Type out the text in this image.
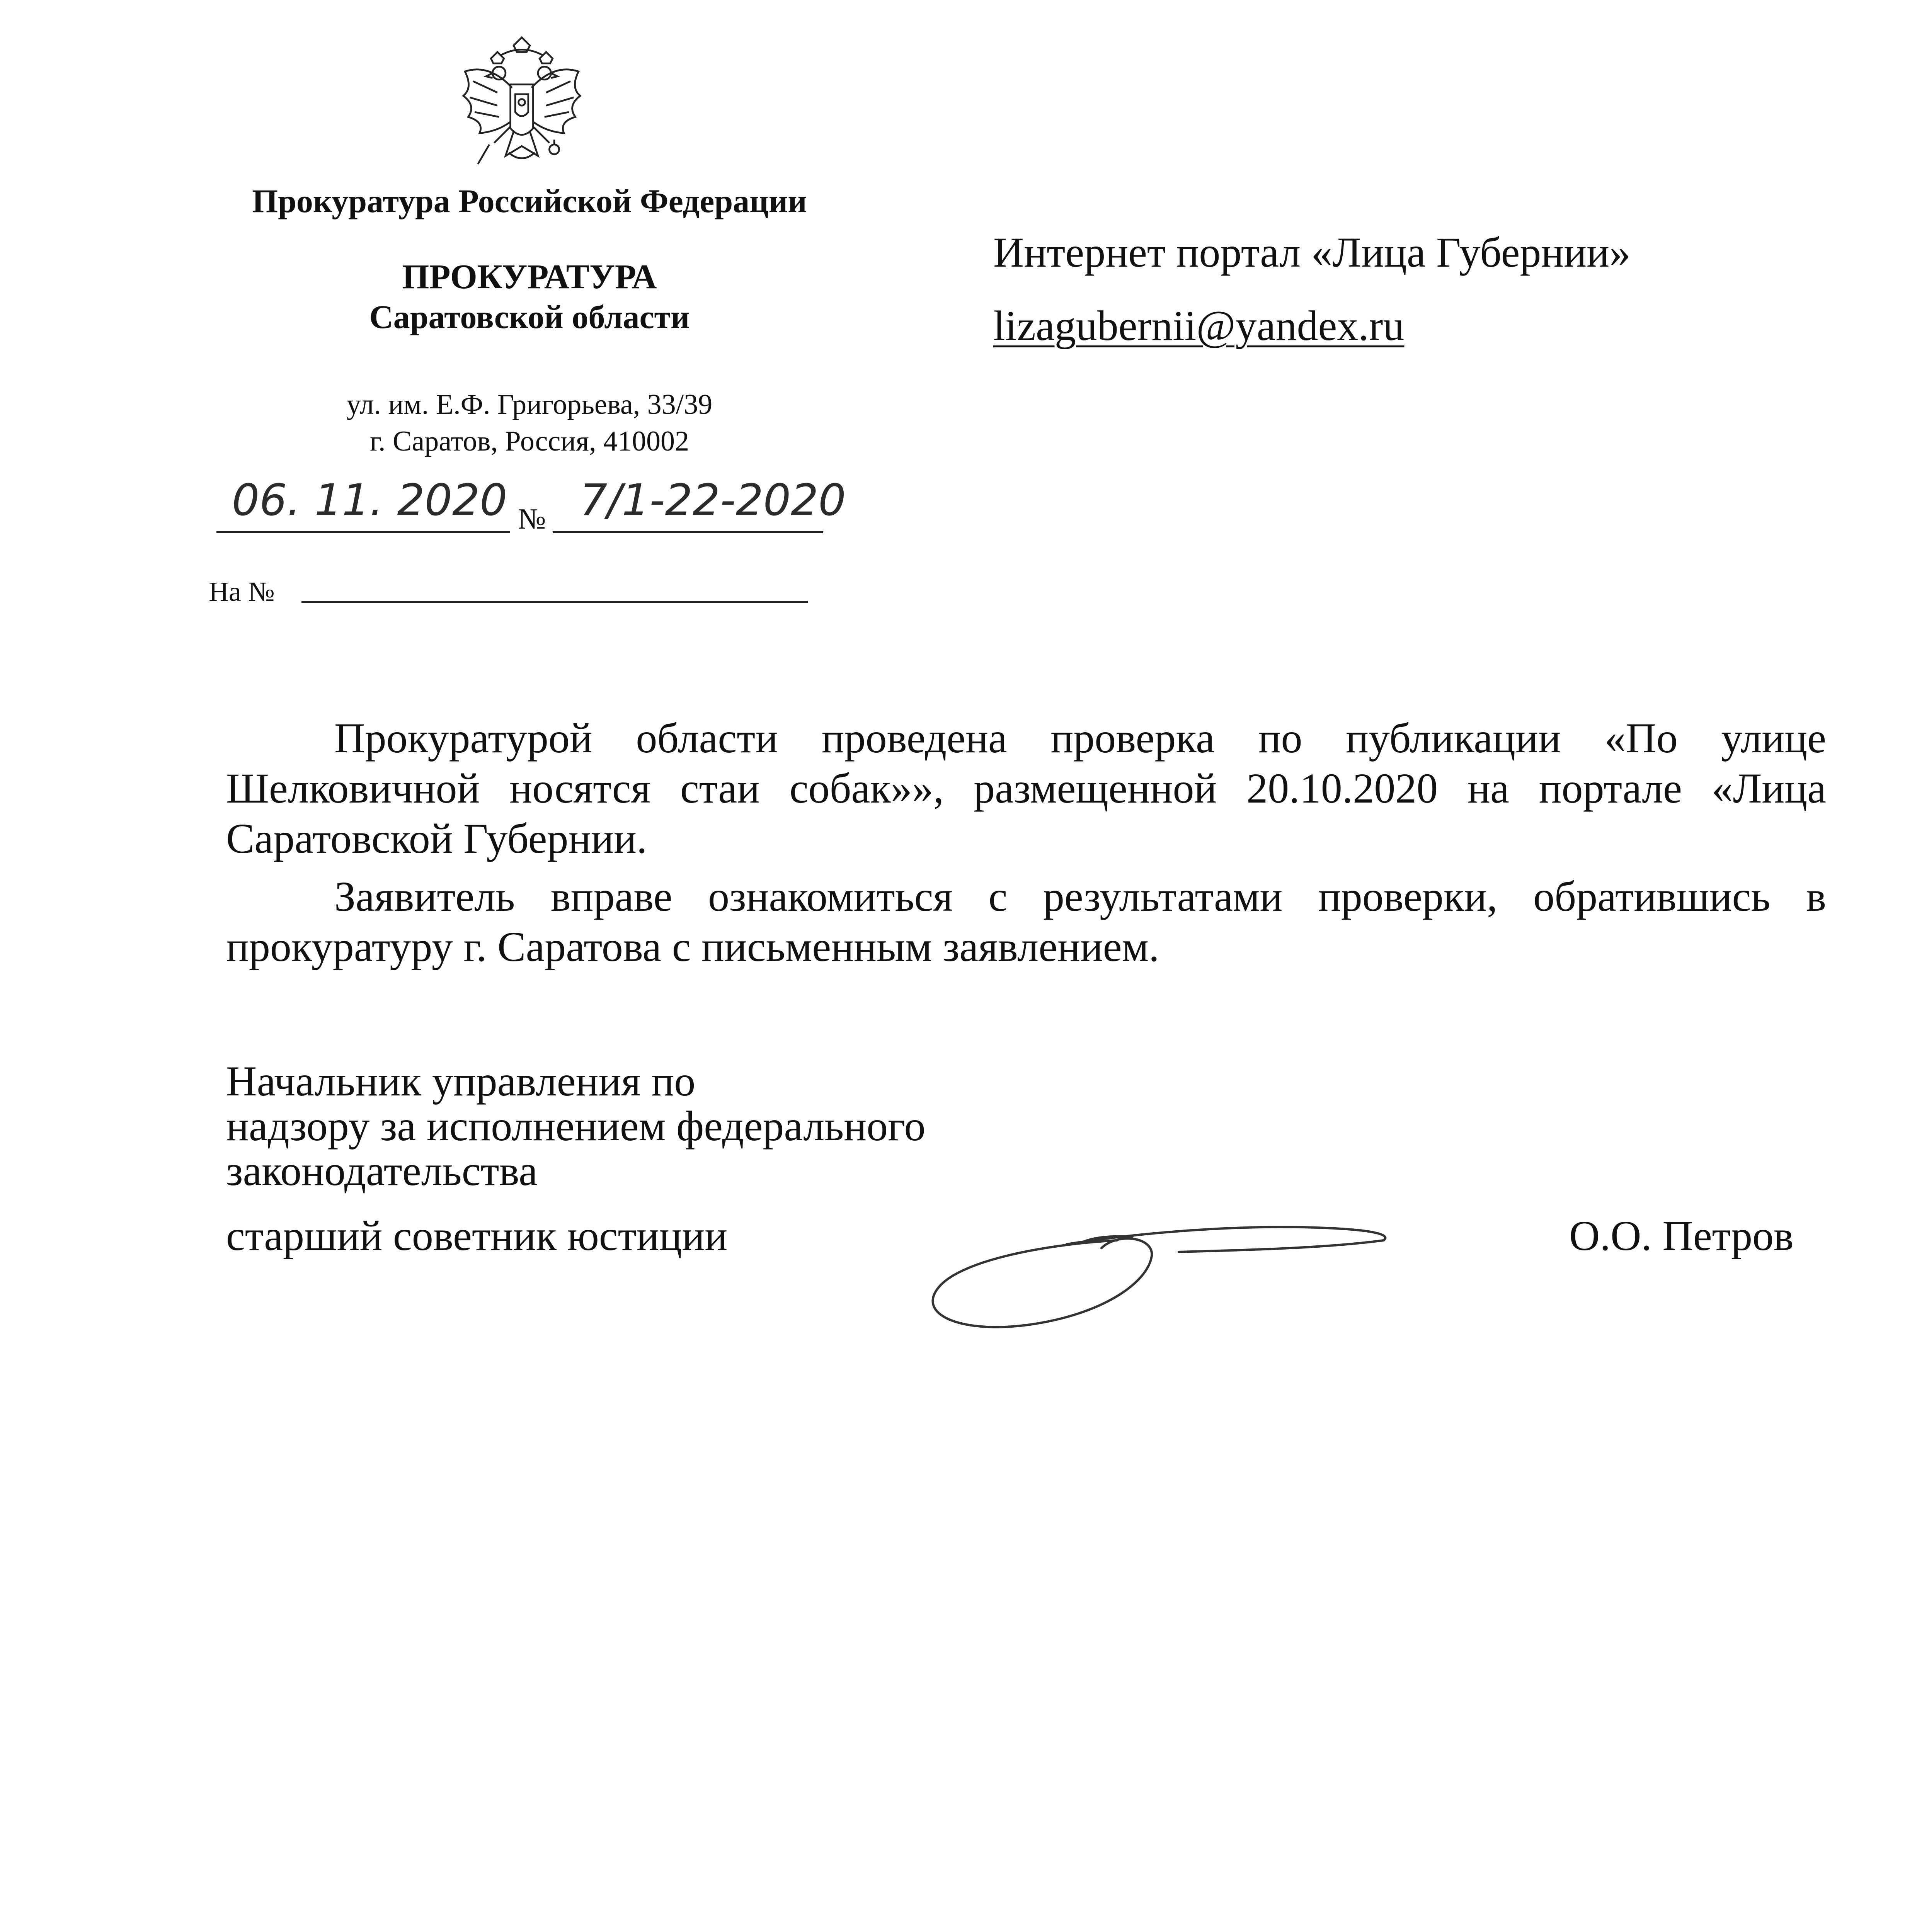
Прокуратура Российской Федерации
ПРОКУРАТУРА
Саратовской области
ул. им. Е.Ф. Григорьева, 33/39
г. Саратов, Россия, 410002
06. 11. 2020 № 7/1-22-2020
На №
Интернет портал «Лица Губернии»
lizagubernii@yandex.ru
Прокуратурой области проведена проверка по публикации «По улице Шелковичной носятся стаи собак»», размещенной 20.10.2020 на портале «Лица Саратовской Губернии.
Заявитель вправе ознакомиться с результатами проверки, обратившись в прокуратуру г. Саратова с письменным заявлением.
Начальник управления по
надзору за исполнением федерального
законодательства
старший советник юстиции	О.О. Петров
